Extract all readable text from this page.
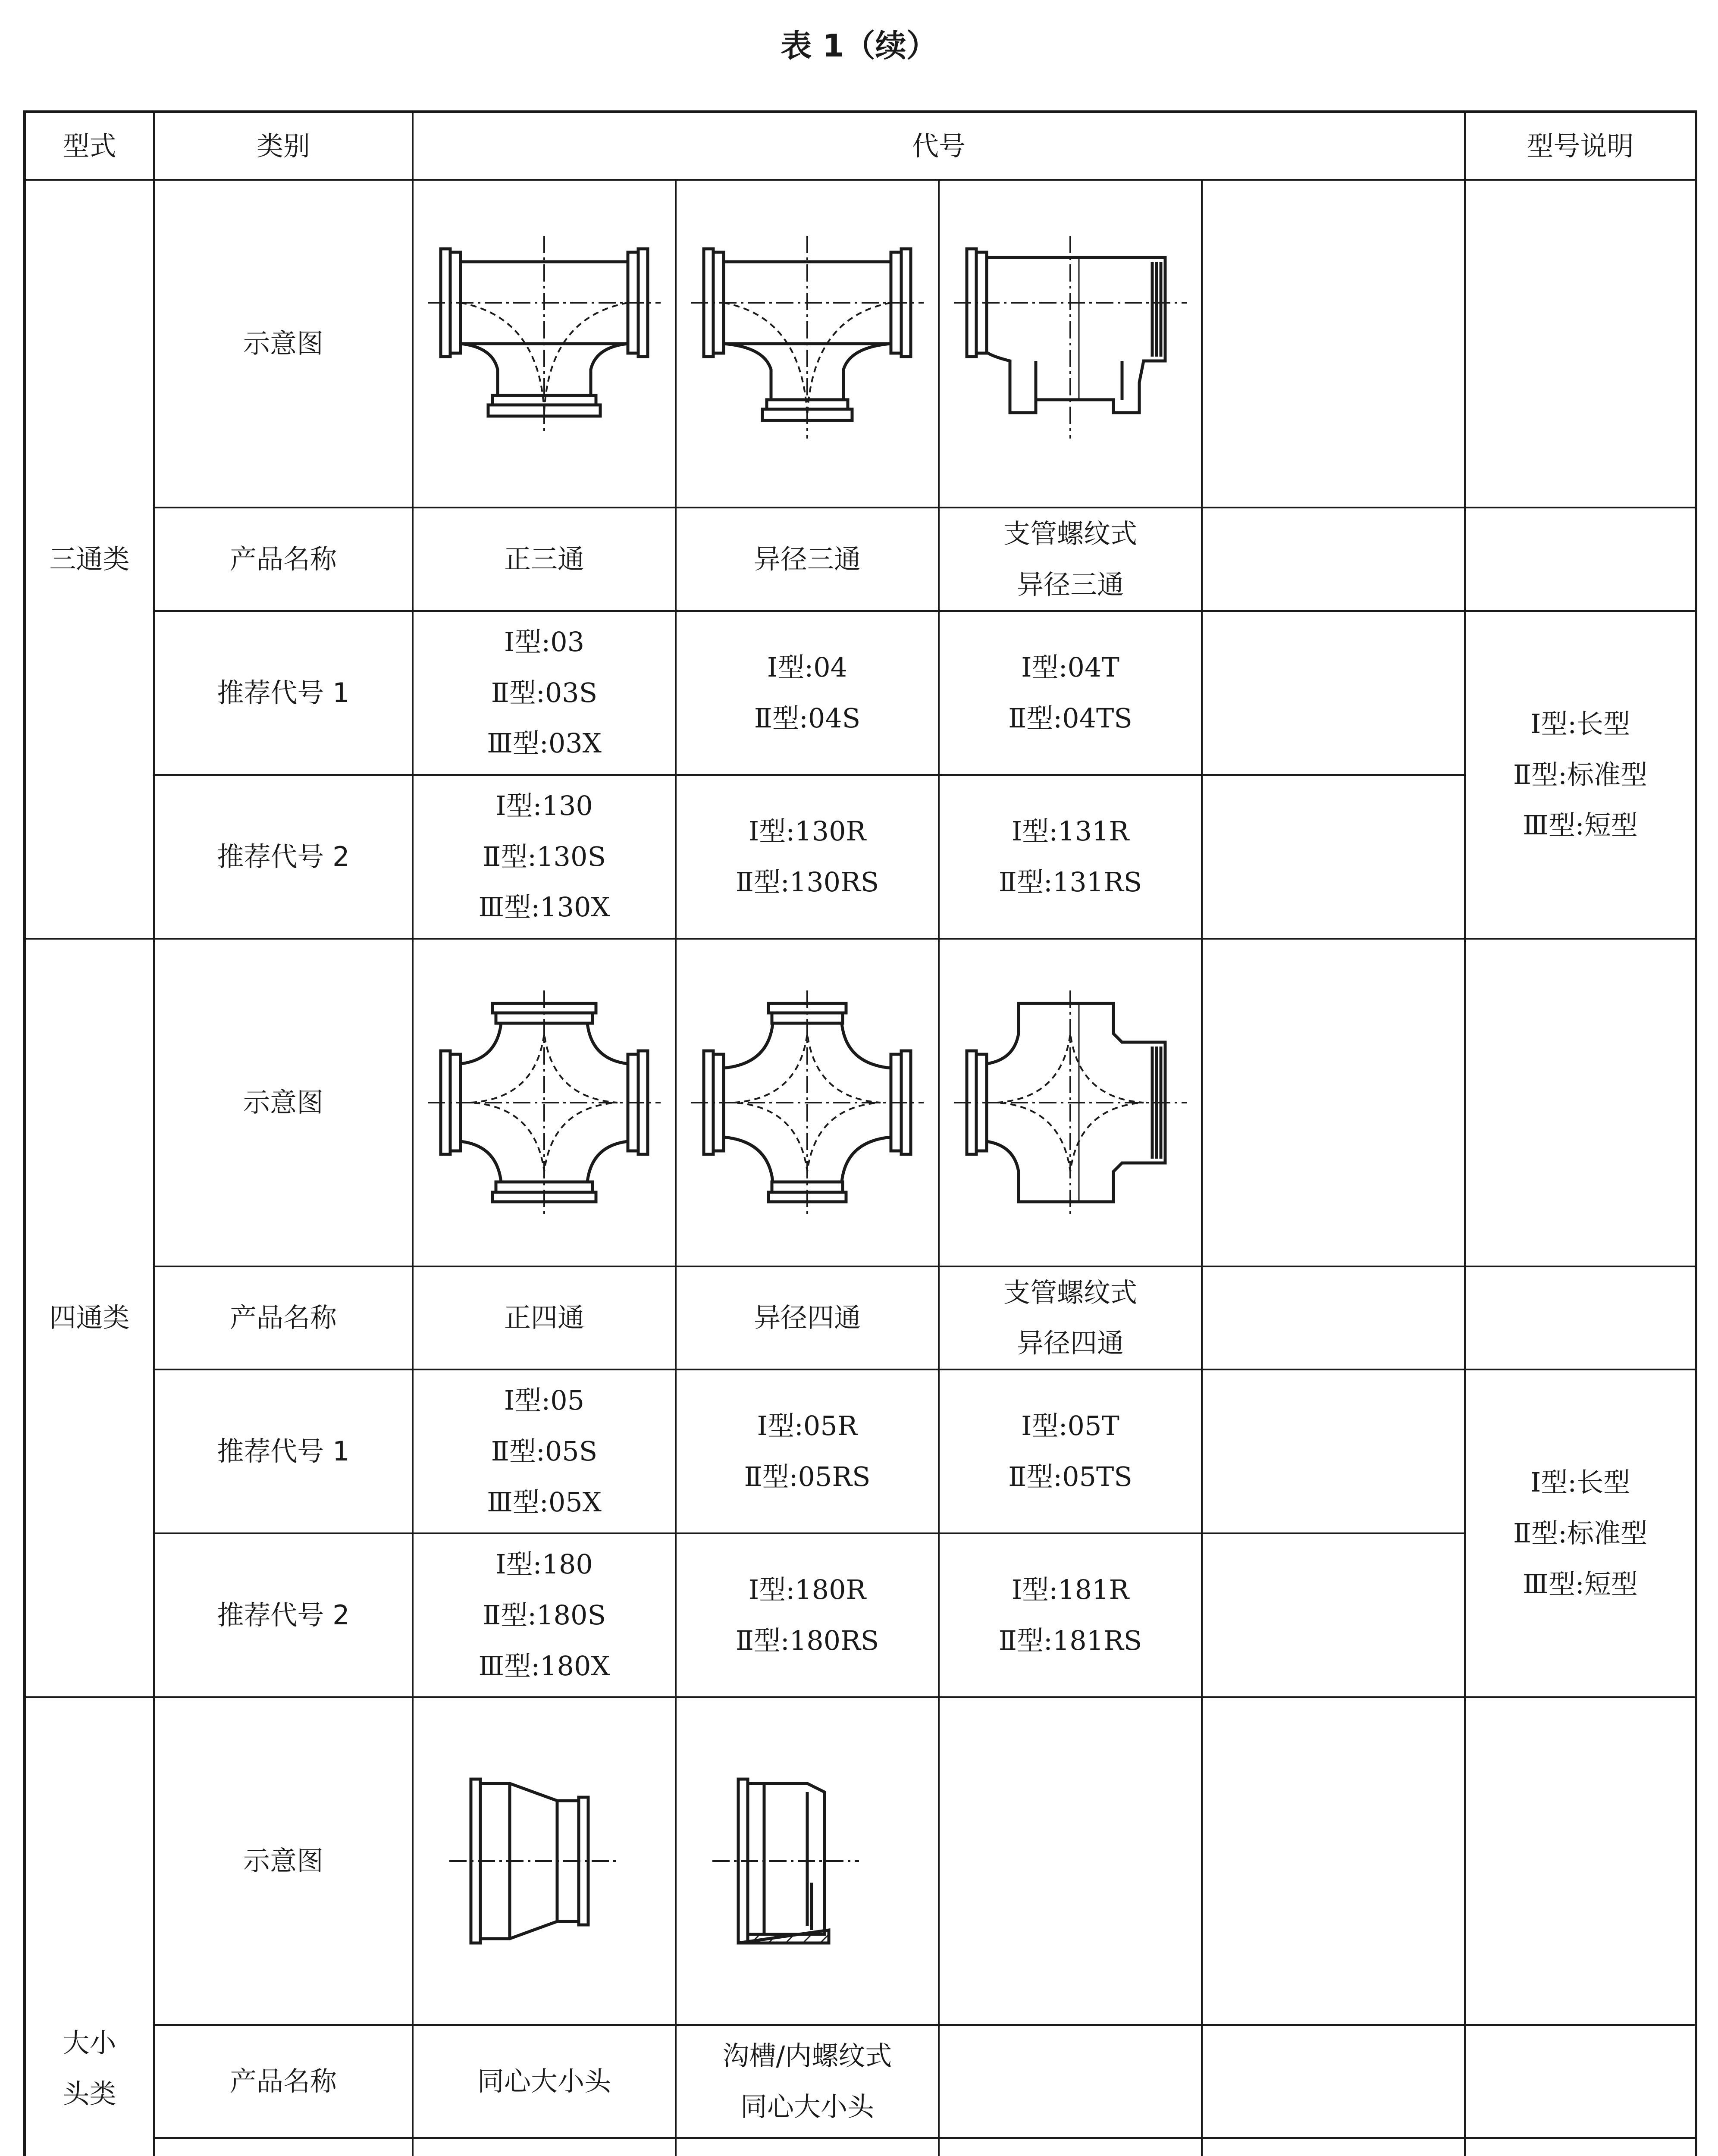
表 1（续）
型式	类别	代号				型号说明
三通类	示意图	

	产品名称	正三通	异径三通	支管螺纹式
异径三通		

	推荐代号 1	Ⅰ型:03
Ⅱ型:03S
Ⅲ型:03X	Ⅰ型:04
Ⅱ型:04S	Ⅰ型:04T
Ⅱ型:04TS		Ⅰ型:长型
Ⅱ型:标准型
Ⅲ型:短型

	推荐代号 2	Ⅰ型:130
Ⅱ型:130S
Ⅲ型:130X	Ⅰ型:130R
Ⅱ型:130RS	Ⅰ型:131R
Ⅱ型:131RS		

四通类	示意图	

	产品名称	正四通	异径四通	支管螺纹式
异径四通		

	推荐代号 1	Ⅰ型:05
Ⅱ型:05S
Ⅲ型:05X	Ⅰ型:05R
Ⅱ型:05RS	Ⅰ型:05T
Ⅱ型:05TS		Ⅰ型:长型
Ⅱ型:标准型
Ⅲ型:短型

	推荐代号 2	Ⅰ型:180
Ⅱ型:180S
Ⅲ型:180X	Ⅰ型:180R
Ⅱ型:180RS	Ⅰ型:181R
Ⅱ型:181RS		

大小
头类	示意图	

	产品名称	同心大小头	沟槽/内螺纹式
同心大小头			
